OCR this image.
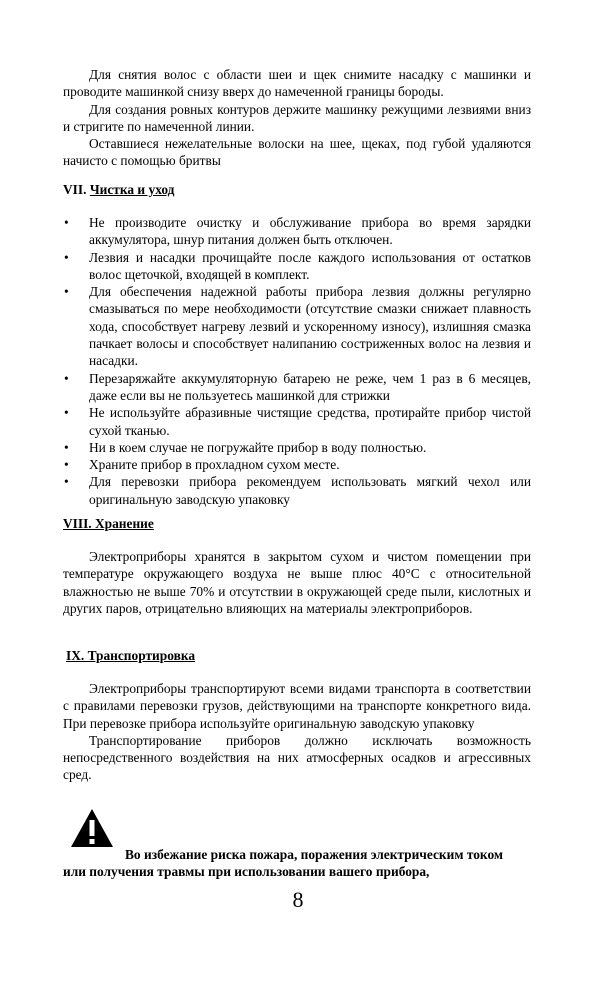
Для снятия волос с области шеи и щек снимите насадку с машинки и проводите машинкой снизу вверх до намеченной границы бороды.

Для создания ровных контуров держите машинку режущими лезвиями вниз и стригите по намеченной линии.

Оставшиеся нежелательные волоски на шее, щеках, под губой удаляются начисто с помощью бритвы

VII. Чистка и уход
• Не производите очистку и обслуживание прибора во время зарядки аккумулятора, шнур питания должен быть отключен.
• Лезвия и насадки прочищайте после каждого использования от остатков волос щеточкой, входящей в комплект.
• Для обеспечения надежной работы прибора лезвия должны регулярно смазываться по мере необходимости (отсутствие смазки снижает плавность хода, способствует нагреву лезвий и ускоренному износу), излишняя смазка пачкает волосы и способствует налипанию состриженных волос на лезвия и насадки.
• Перезаряжайте аккумуляторную батарею не реже, чем 1 раз в 6 месяцев, даже если вы не пользуетесь машинкой для стрижки
• Не используйте абразивные чистящие средства, протирайте прибор чистой сухой тканью.
• Ни в коем случае не погружайте прибор в воду полностью.
• Храните прибор в прохладном сухом месте.
• Для перевозки прибора рекомендуем использовать мягкий чехол или оригинальную заводскую упаковку
VIII. Хранение

Электроприборы хранятся в закрытом сухом и чистом помещении при температуре окружающего воздуха не выше плюс 40°С с относительной влажностью не выше 70% и отсутствии в окружающей среде пыли, кислотных и других паров, отрицательно влияющих на материалы электроприборов.

IX. Транспортировка

Электроприборы транспортируют всеми видами транспорта в соответствии с правилами перевозки грузов, действующими на транспорте конкретного вида. При перевозке прибора используйте оригинальную заводскую упаковку

Транспортирование приборов должно исключать возможность непосредственного воздействия на них атмосферных осадков и агрессивных сред.

Во избежание риска пожара, поражения электрическим током или получения травмы при использовании вашего прибора,

8
